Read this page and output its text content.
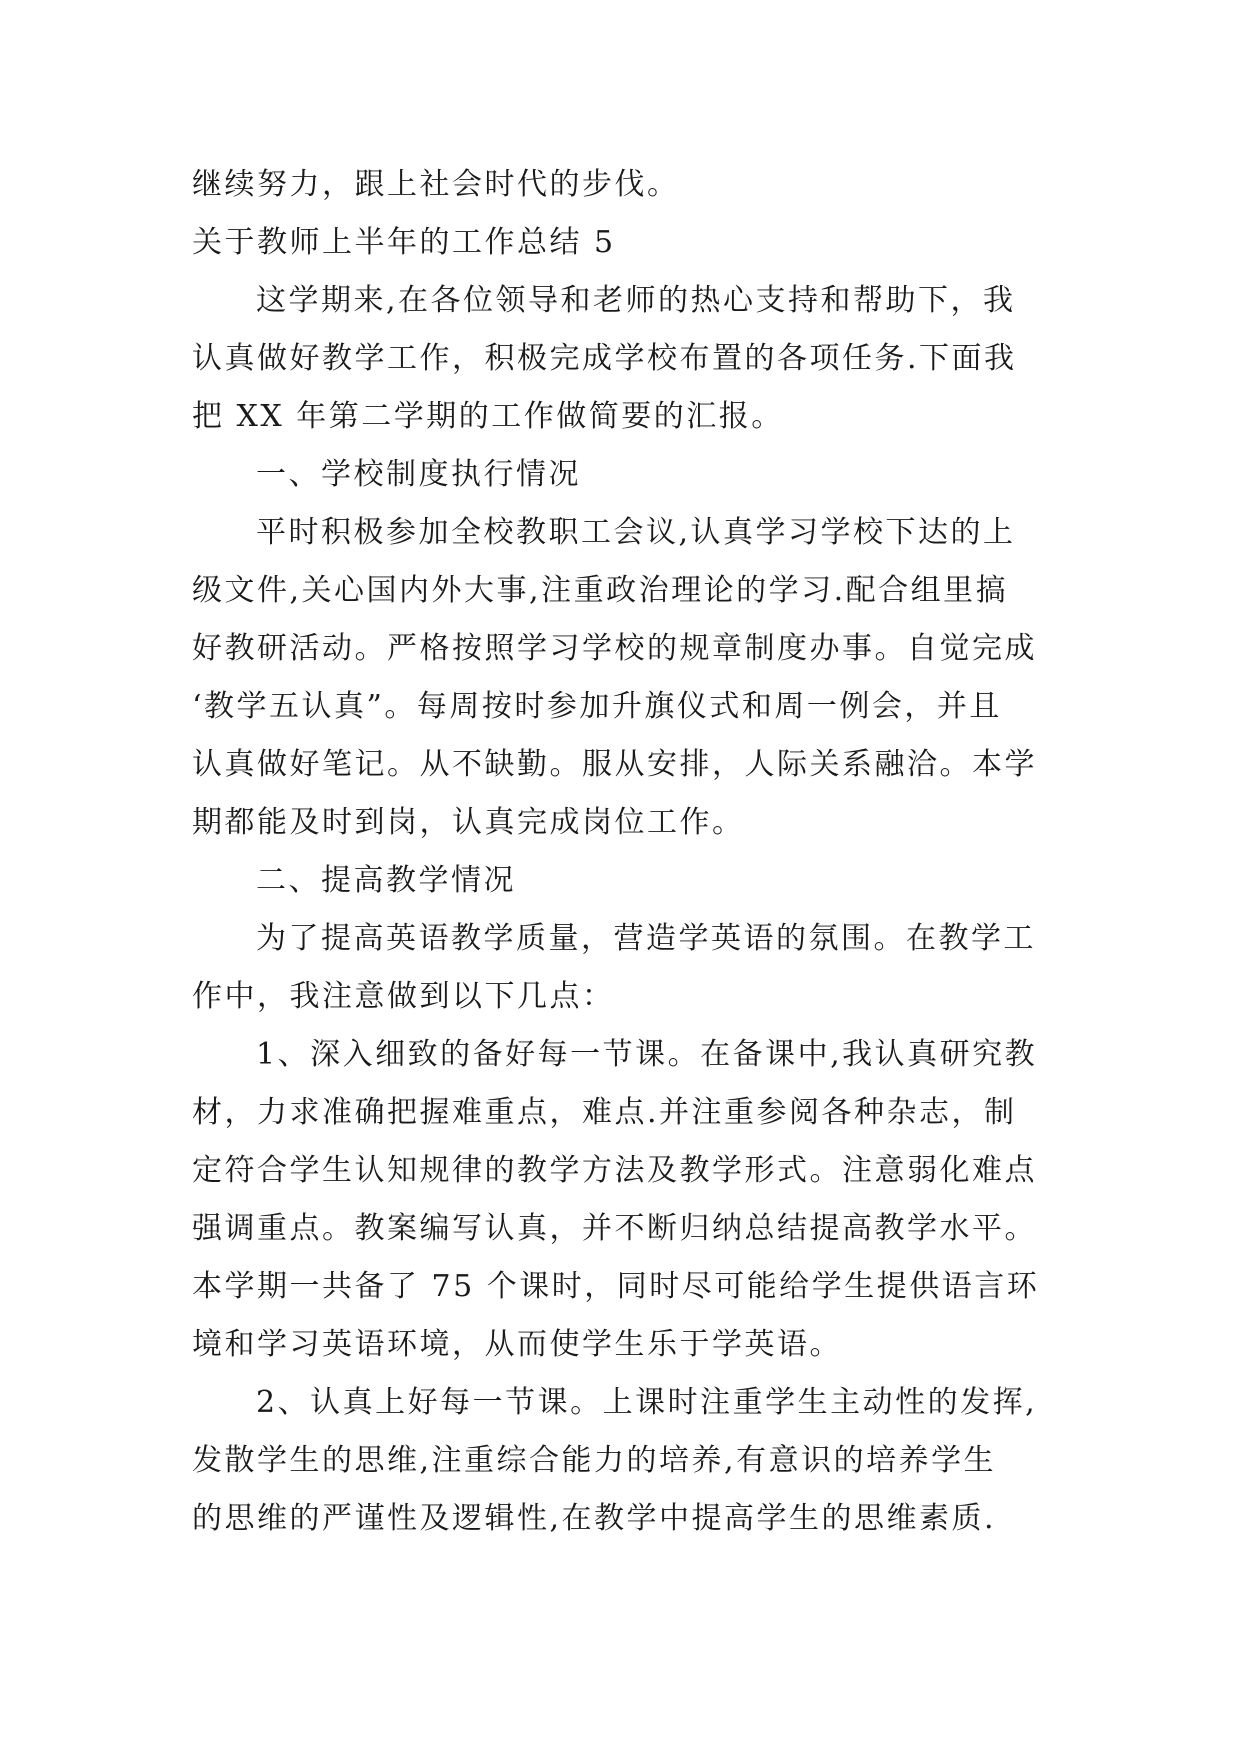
继续努力，跟上社会时代的步伐。
关于教师上半年的工作总结 5
这学期来,在各位领导和老师的热心支持和帮助下，我
认真做好教学工作，积极完成学校布置的各项任务.下面我
把 XX 年第二学期的工作做简要的汇报。
一、学校制度执行情况
平时积极参加全校教职工会议,认真学习学校下达的上
级文件,关心国内外大事,注重政治理论的学习.配合组里搞
好教研活动。严格按照学习学校的规章制度办事。自觉完成
‘教学五认真”。每周按时参加升旗仪式和周一例会，并且
认真做好笔记。从不缺勤。服从安排，人际关系融洽。本学
期都能及时到岗，认真完成岗位工作。
二、提高教学情况
为了提高英语教学质量，营造学英语的氛围。在教学工
作中，我注意做到以下几点：
1、深入细致的备好每一节课。在备课中,我认真研究教
材，力求准确把握难重点，难点.并注重参阅各种杂志，制
定符合学生认知规律的教学方法及教学形式。注意弱化难点
强调重点。教案编写认真，并不断归纳总结提高教学水平。
本学期一共备了 75 个课时，同时尽可能给学生提供语言环
境和学习英语环境，从而使学生乐于学英语。
2、认真上好每一节课。上课时注重学生主动性的发挥,
发散学生的思维,注重综合能力的培养,有意识的培养学生
的思维的严谨性及逻辑性,在教学中提高学生的思维素质.
